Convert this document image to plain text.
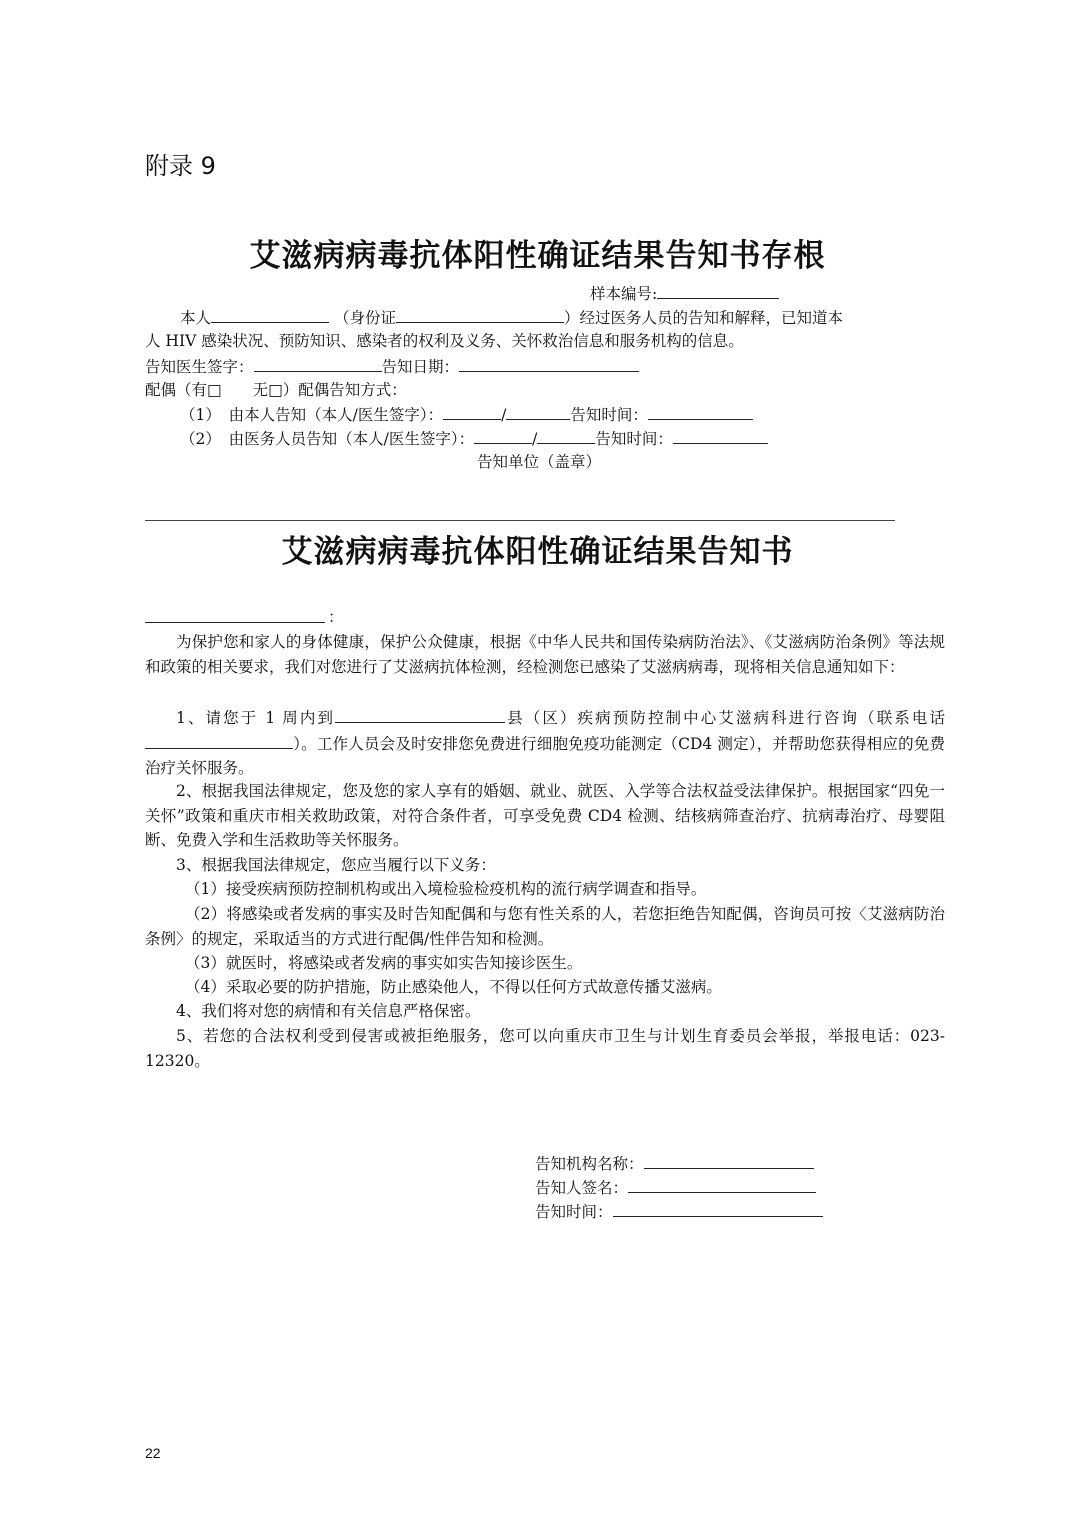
附录 9
艾滋病病毒抗体阳性确证结果告知书存根
样本编号:
本人	（身份证	）经过医务人员的告知和解释，已知道本
人 HIV 感染状况、预防知识、感染者的权利及义务、关怀救治信息和服务机构的信息。
告知医生签字：	告知日期：
配偶（有□　　无□）配偶告知方式：
（1）　由本人告知（本人/医生签字）：	/	告知时间：
（2）　由医务人员告知（本人/医生签字）：	/	告知时间：
告知单位（盖章）
艾滋病病毒抗体阳性确证结果告知书
：
为保护您和家人的身体健康，保护公众健康，根据《中华人民共和国传染病防治法》、《艾滋病防治条例》等法规和政策的相关要求，我们对您进行了艾滋病抗体检测，经检测您已感染了艾滋病病毒，现将相关信息通知如下：
1、请您于 1 周内到	县（区）疾病预防控制中心艾滋病科进行咨询（联系电话）。工作人员会及时安排您免费进行细胞免疫功能测定（CD4 测定），并帮助您获得相应的免费治疗关怀服务。
2、根据我国法律规定，您及您的家人享有的婚姻、就业、就医、入学等合法权益受法律保护。根据国家“四免一关怀”政策和重庆市相关救助政策，对符合条件者，可享受免费 CD4 检测、结核病筛查治疗、抗病毒治疗、母婴阻断、免费入学和生活救助等关怀服务。
3、根据我国法律规定，您应当履行以下义务：
（1）接受疾病预防控制机构或出入境检验检疫机构的流行病学调查和指导。
（2）将感染或者发病的事实及时告知配偶和与您有性关系的人，若您拒绝告知配偶，咨询员可按〈艾滋病防治条例〉的规定，采取适当的方式进行配偶/性伴告知和检测。
（3）就医时，将感染或者发病的事实如实告知接诊医生。
（4）采取必要的防护措施，防止感染他人，不得以任何方式故意传播艾滋病。
4、我们将对您的病情和有关信息严格保密。
5、若您的合法权利受到侵害或被拒绝服务，您可以向重庆市卫生与计划生育委员会举报，举报电话：023-12320。
告知机构名称：
告知人签名：
告知时间：
22
